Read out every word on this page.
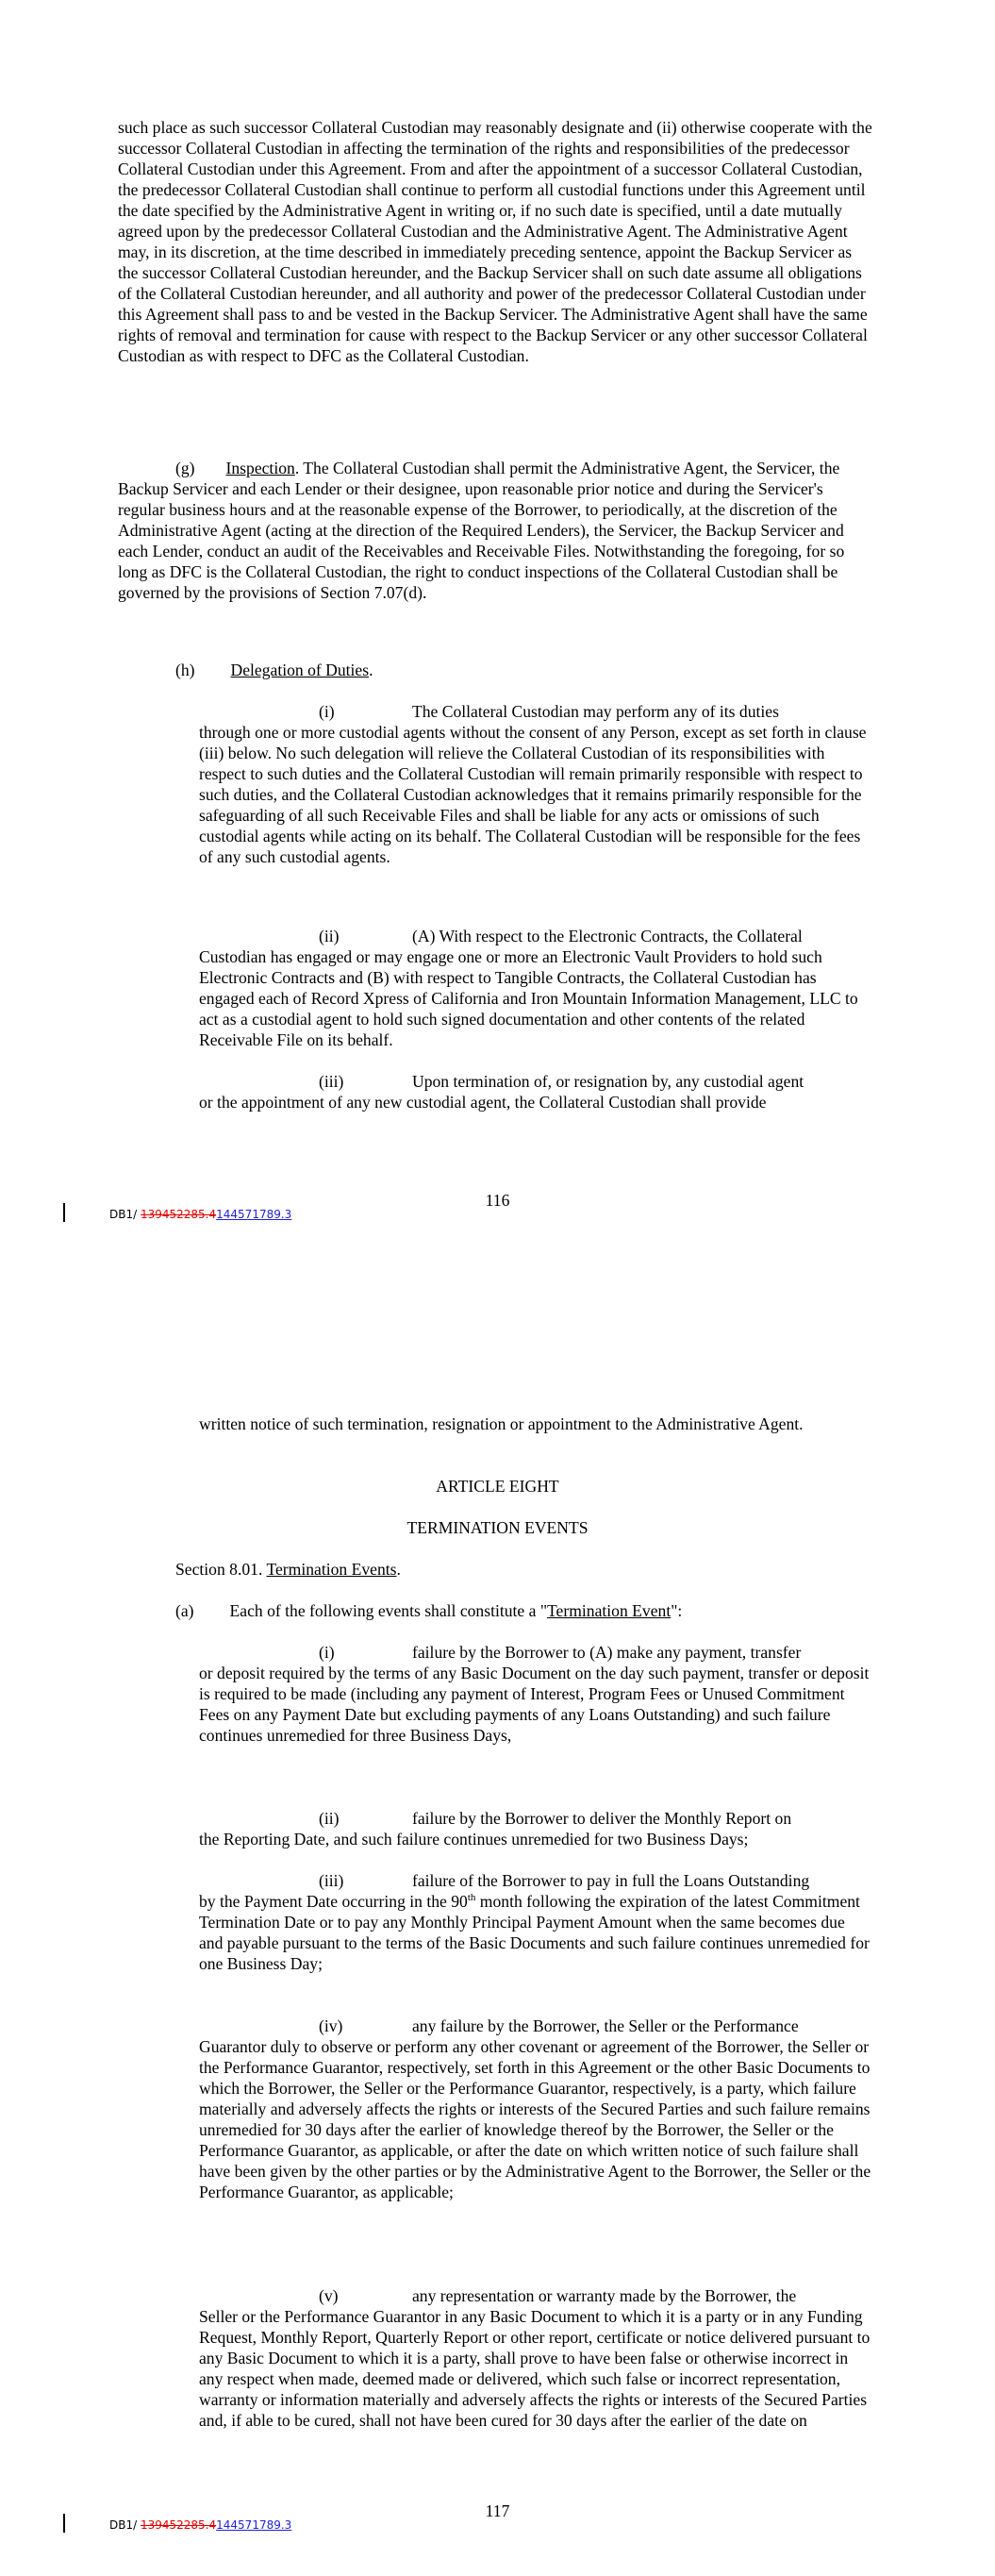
such place as such successor Collateral Custodian may reasonably designate and (ii) otherwise cooperate with the successor Collateral Custodian in affecting the termination of the rights and responsibilities of the predecessor Collateral Custodian under this Agreement. From and after the appointment of a successor Collateral Custodian, the predecessor Collateral Custodian shall continue to perform all custodial functions under this Agreement until the date specified by the Administrative Agent in writing or, if no such date is specified, until a date mutually agreed upon by the predecessor Collateral Custodian and the Administrative Agent. The Administrative Agent may, in its discretion, at the time described in immediately preceding sentence, appoint the Backup Servicer as the successor Collateral Custodian hereunder, and the Backup Servicer shall on such date assume all obligations of the Collateral Custodian hereunder, and all authority and power of the predecessor Collateral Custodian under this Agreement shall pass to and be vested in the Backup Servicer. The Administrative Agent shall have the same rights of removal and termination for cause with respect to the Backup Servicer or any other successor Collateral Custodian as with respect to DFC as the Collateral Custodian.

(g) Inspection. The Collateral Custodian shall permit the Administrative Agent, the Servicer, the Backup Servicer and each Lender or their designee, upon reasonable prior notice and during the Servicer's regular business hours and at the reasonable expense of the Borrower, to periodically, at the discretion of the Administrative Agent (acting at the direction of the Required Lenders), the Servicer, the Backup Servicer and each Lender, conduct an audit of the Receivables and Receivable Files. Notwithstanding the foregoing, for so long as DFC is the Collateral Custodian, the right to conduct inspections of the Collateral Custodian shall be governed by the provisions of Section 7.07(d).

(h) Delegation of Duties.
(i)	The Collateral Custodian may perform any of its duties
through one or more custodial agents without the consent of any Person, except as set forth in clause (iii) below. No such delegation will relieve the Collateral Custodian of its responsibilities with respect to such duties and the Collateral Custodian will remain primarily responsible with respect to such duties, and the Collateral Custodian acknowledges that it remains primarily responsible for the safeguarding of all such Receivable Files and shall be liable for any acts or omissions of such custodial agents while acting on its behalf. The Collateral Custodian will be responsible for the fees of any such custodial agents.
(ii)	(A) With respect to the Electronic Contracts, the Collateral
Custodian has engaged or may engage one or more an Electronic Vault Providers to hold such Electronic Contracts and (B) with respect to Tangible Contracts, the Collateral Custodian has engaged each of Record Xpress of California and Iron Mountain Information Management, LLC to act as a custodial agent to hold such signed documentation and other contents of the related Receivable File on its behalf.
(iii)	Upon termination of, or resignation by, any custodial agent
or the appointment of any new custodial agent, the Collateral Custodian shall provide
116
DB1/ 139452285.4144571789.3

written notice of such termination, resignation or appointment to the Administrative Agent.

ARTICLE EIGHT
TERMINATION EVENTS
Section 8.01. Termination Events.
(a) Each of the following events shall constitute a "Termination Event":
(i)	failure by the Borrower to (A) make any payment, transfer
or deposit required by the terms of any Basic Document on the day such payment, transfer or deposit is required to be made (including any payment of Interest, Program Fees or Unused Commitment Fees on any Payment Date but excluding payments of any Loans Outstanding) and such failure continues unremedied for three Business Days,
(ii)	failure by the Borrower to deliver the Monthly Report on
the Reporting Date, and such failure continues unremedied for two Business Days;
(iii)	failure of the Borrower to pay in full the Loans Outstanding
by the Payment Date occurring in the 90th month following the expiration of the latest Commitment Termination Date or to pay any Monthly Principal Payment Amount when the same becomes due and payable pursuant to the terms of the Basic Documents and such failure continues unremedied for one Business Day;
(iv)	any failure by the Borrower, the Seller or the Performance
Guarantor duly to observe or perform any other covenant or agreement of the Borrower, the Seller or the Performance Guarantor, respectively, set forth in this Agreement or the other Basic Documents to which the Borrower, the Seller or the Performance Guarantor, respectively, is a party, which failure materially and adversely affects the rights or interests of the Secured Parties and such failure remains unremedied for 30 days after the earlier of knowledge thereof by the Borrower, the Seller or the Performance Guarantor, as applicable, or after the date on which written notice of such failure shall have been given by the other parties or by the Administrative Agent to the Borrower, the Seller or the Performance Guarantor, as applicable;
(v)	any representation or warranty made by the Borrower, the
Seller or the Performance Guarantor in any Basic Document to which it is a party or in any Funding Request, Monthly Report, Quarterly Report or other report, certificate or notice delivered pursuant to any Basic Document to which it is a party, shall prove to have been false or otherwise incorrect in any respect when made, deemed made or delivered, which such false or incorrect representation, warranty or information materially and adversely affects the rights or interests of the Secured Parties and, if able to be cured, shall not have been cured for 30 days after the earlier of the date on
117
DB1/ 139452285.4144571789.3
